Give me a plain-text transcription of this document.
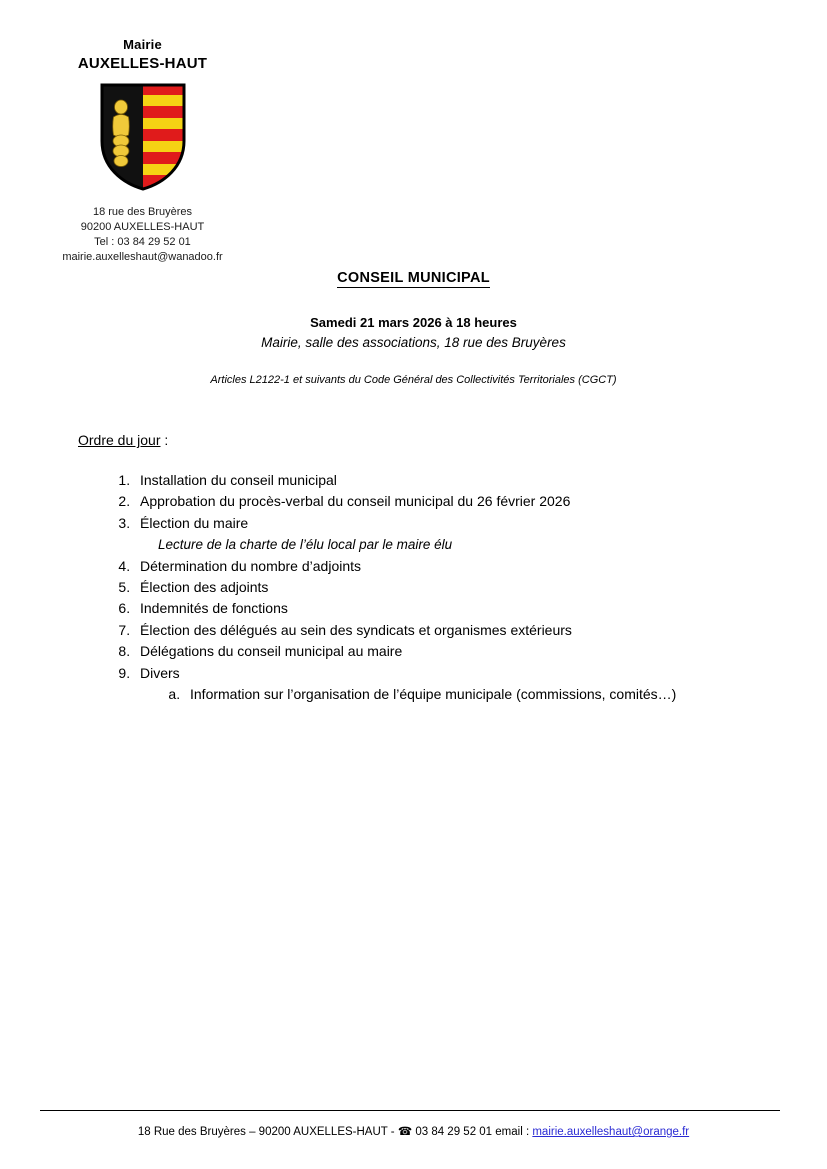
Mairie
AUXELLES-HAUT
18 rue des Bruyères
90200 AUXELLES-HAUT
Tel : 03 84 29 52 01
mairie.auxelleshaut@wanadoo.fr
CONSEIL MUNICIPAL
Samedi 21 mars 2026 à 18 heures
Mairie, salle des associations, 18 rue des Bruyères
Articles L2122-1 et suivants du Code Général des Collectivités Territoriales (CGCT)
Ordre du jour :
1. Installation du conseil municipal
2. Approbation du procès-verbal du conseil municipal du 26 février 2026
3. Élection du maire
Lecture de la charte de l’élu local par le maire élu
4. Détermination du nombre d’adjoints
5. Élection des adjoints
6. Indemnités de fonctions
7. Élection des délégués au sein des syndicats et organismes extérieurs
8. Délégations du conseil municipal au maire
9. Divers
a. Information sur l’organisation de l’équipe municipale (commissions, comités…)
18 Rue des Bruyères – 90200 AUXELLES-HAUT - ☎ 03 84 29 52 01 email : mairie.auxelleshaut@orange.fr
